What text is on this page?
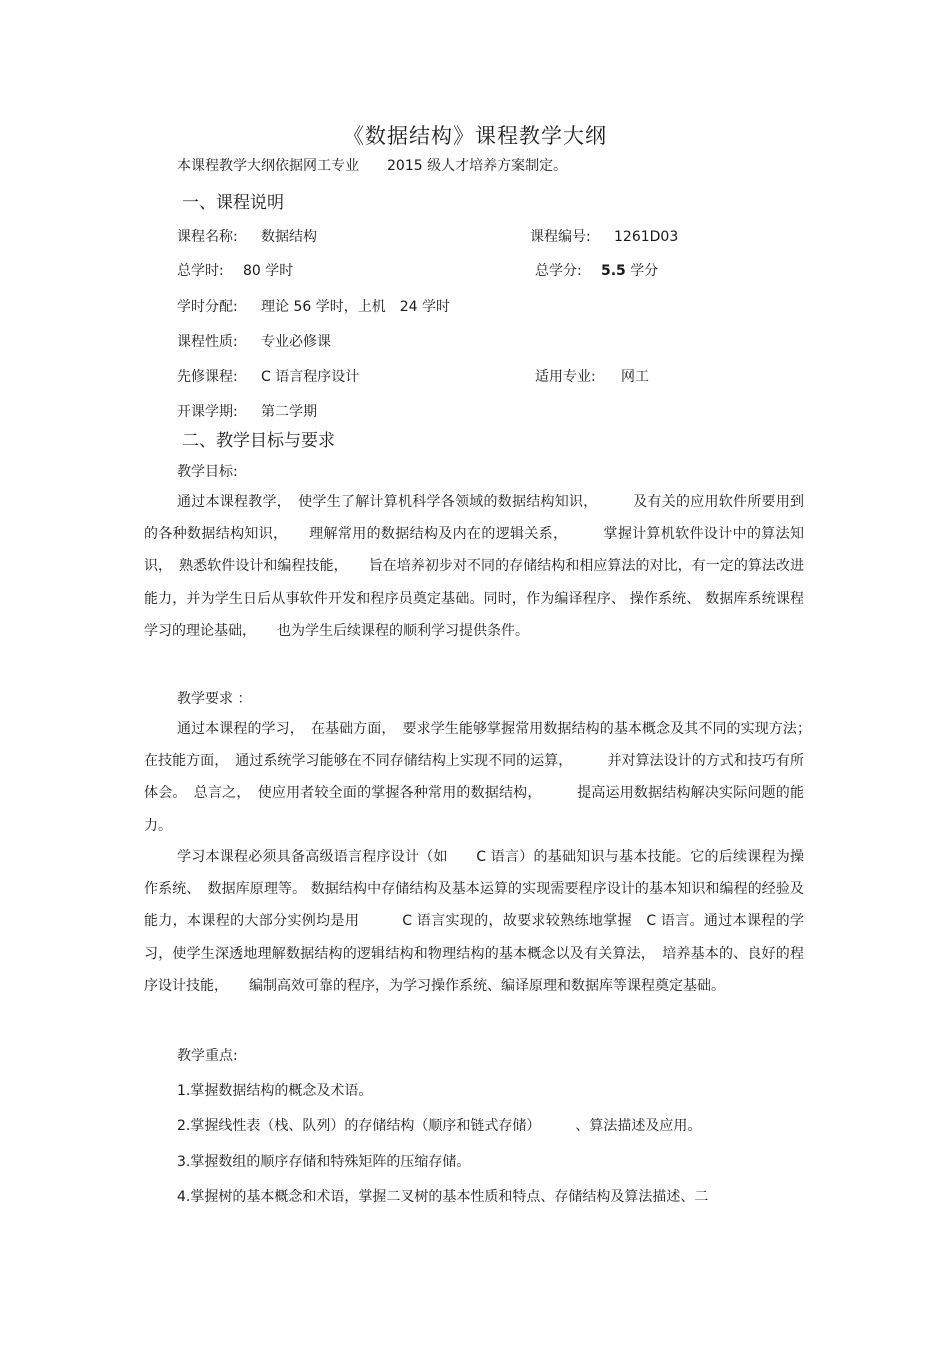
《数据结构》课程教学大纲
本课程教学大纲依据网工专业　　2015 级人才培养方案制定。
一、课程说明
课程名称: 数据结构	课程编号: 1261D03
总学时: 80 学时	总学分: 5.5 学分
学时分配: 理论 56 学时，上机　24 学时
课程性质: 专业必修课
先修课程: C 语言程序设计	适用专业: 网工
开课学期: 第二学期
二、教学目标与要求
教学目标:
通过本课程教学，　使学生了解计算机科学各领域的数据结构知识，　　　及有关的应用软件所要用到的各种数据结构知识，　　理解常用的数据结构及内在的逻辑关系，　　　掌握计算机软件设计中的算法知识，　熟悉软件设计和编程技能，　　旨在培养初步对不同的存储结构和相应算法的对比，有一定的算法改进能力，并为学生日后从事软件开发和程序员奠定基础。同时，作为编译程序、 操作系统、 数据库系统课程学习的理论基础，　　也为学生后续课程的顺利学习提供条件。
教学要求 ：
通过本课程的学习，　在基础方面，　要求学生能够掌握常用数据结构的基本概念及其不同的实现方法；　在技能方面，　通过系统学习能够在不同存储结构上实现不同的运算，　　　并对算法设计的方式和技巧有所体会。　总言之，　使应用者较全面的掌握各种常用的数据结构，　　　提高运用数据结构解决实际问题的能力。
学习本课程必须具备高级语言程序设计（如　　C 语言）的基础知识与基本技能。它的后续课程为操作系统、　数据库原理等。 数据结构中存储结构及基本运算的实现需要程序设计的基本知识和编程的经验及能力，本课程的大部分实例均是用　　　C 语言实现的，故要求较熟练地掌握　C 语言。通过本课程的学习，使学生深透地理解数据结构的逻辑结构和物理结构的基本概念以及有关算法，　培养基本的、良好的程序设计技能，　　编制高效可靠的程序，为学习操作系统、编译原理和数据库等课程奠定基础。
教学重点:
1.掌握数据结构的概念及术语。
2.掌握线性表（栈、队列）的存储结构（顺序和链式存储）　　　、算法描述及应用。
3.掌握数组的顺序存储和特殊矩阵的压缩存储。
4.掌握树的基本概念和术语，掌握二叉树的基本性质和特点、存储结构及算法描述、二
